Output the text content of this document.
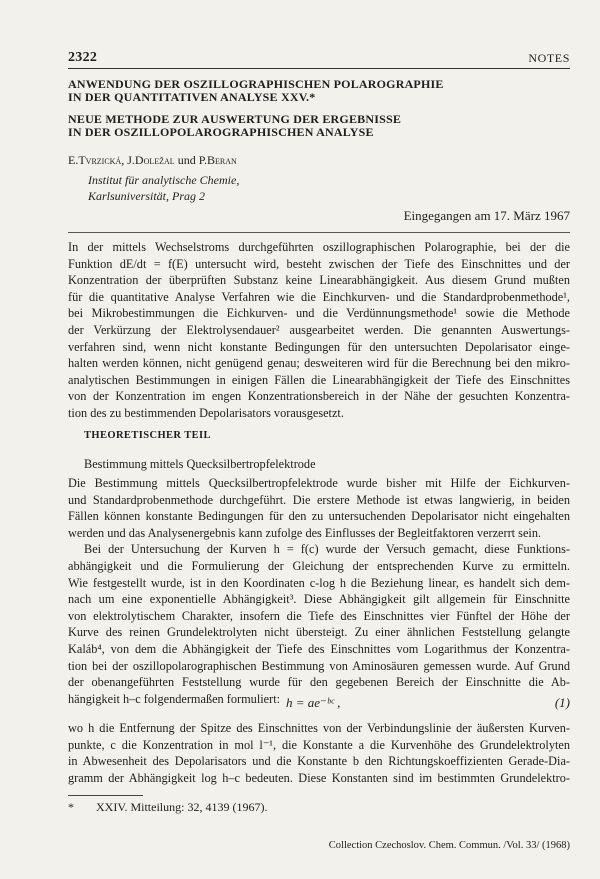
2322	NOTES
ANWENDUNG DER OSZILLOGRAPHISCHEN POLAROGRAPHIE
IN DER QUANTITATIVEN ANALYSE XXV.*
NEUE METHODE ZUR AUSWERTUNG DER ERGEBNISSE
IN DER OSZILLOPOLAROGRAPHISCHEN ANALYSE
E.Tvrzická, J.Doležal und P.Beran
Institut für analytische Chemie,
Karlsuniversität, Prag 2
Eingegangen am 17. März 1967
In der mittels Wechselstroms durchgeführten oszillographischen Polarographie, bei der die
Funktion dE/dt = f(E) untersucht wird, besteht zwischen der Tiefe des Einschnittes und der
Konzentration der überprüften Substanz keine Linearabhängigkeit. Aus diesem Grund mußten
für die quantitative Analyse Verfahren wie die Einchkurven- und die Standardprobenmethode¹,
bei Mikrobestimmungen die Eichkurven- und die Verdünnungsmethode¹ sowie die Methode
der Verkürzung der Elektrolysendauer² ausgearbeitet werden. Die genannten Auswertungs-
verfahren sind, wenn nicht konstante Bedingungen für den untersuchten Depolarisator einge-
halten werden können, nicht genügend genau; desweiteren wird für die Berechnung bei den mikro-
analytischen Bestimmungen in einigen Fällen die Linearabhängigkeit der Tiefe des Einschnittes
von der Konzentration im engen Konzentrationsbereich in der Nähe der gesuchten Konzentra-
tion des zu bestimmenden Depolarisators vorausgesetzt.
THEORETISCHER TEIL
Bestimmung mittels Quecksilbertropfelektrode
Die Bestimmung mittels Quecksilbertropfelektrode wurde bisher mit Hilfe der Eichkurven-
und Standardprobenmethode durchgeführt. Die erstere Methode ist etwas langwierig, in beiden
Fällen können konstante Bedingungen für den zu untersuchenden Depolarisator nicht eingehalten
werden und das Analysenergebnis kann zufolge des Einflusses der Begleitfaktoren verzerrt sein.
Bei der Untersuchung der Kurven h = f(c) wurde der Versuch gemacht, diese Funktions-
abhängigkeit und die Formulierung der Gleichung der entsprechenden Kurve zu ermitteln.
Wie festgestellt wurde, ist in den Koordinaten c-log h die Beziehung linear, es handelt sich dem-
nach um eine exponentielle Abhängigkeit³. Diese Abhängigkeit gilt allgemein für Einschnitte
von elektrolytischem Charakter, insofern die Tiefe des Einschnittes vier Fünftel der Höhe der
Kurve des reinen Grundelektrolyten nicht übersteigt. Zu einer ähnlichen Feststellung gelangte
Kaláb⁴, von dem die Abhängigkeit der Tiefe des Einschnittes vom Logarithmus der Konzentra-
tion bei der oszillopolarographischen Bestimmung von Aminosäuren gemessen wurde. Auf Grund
der obenangeführten Feststellung wurde für den gegebenen Bereich der Einschnitte die Ab-
hängigkeit h–c folgendermaßen formuliert: h = ae⁻ᵇᶜ ,	(1)
wo h die Entfernung der Spitze des Einschnittes von der Verbindungslinie der äußersten Kurven-
punkte, c die Konzentration in mol l⁻¹, die Konstante a die Kurvenhöhe des Grundelektrolyten
in Abwesenheit des Depolarisators und die Konstante b den Richtungskoeffizienten Gerade-Dia-
gramm der Abhängigkeit log h–c bedeuten. Diese Konstanten sind im bestimmten Grundelektro-
* XXIV. Mitteilung: 32, 4139 (1967).
Collection Czechoslov. Chem. Commun. /Vol. 33/ (1968)
